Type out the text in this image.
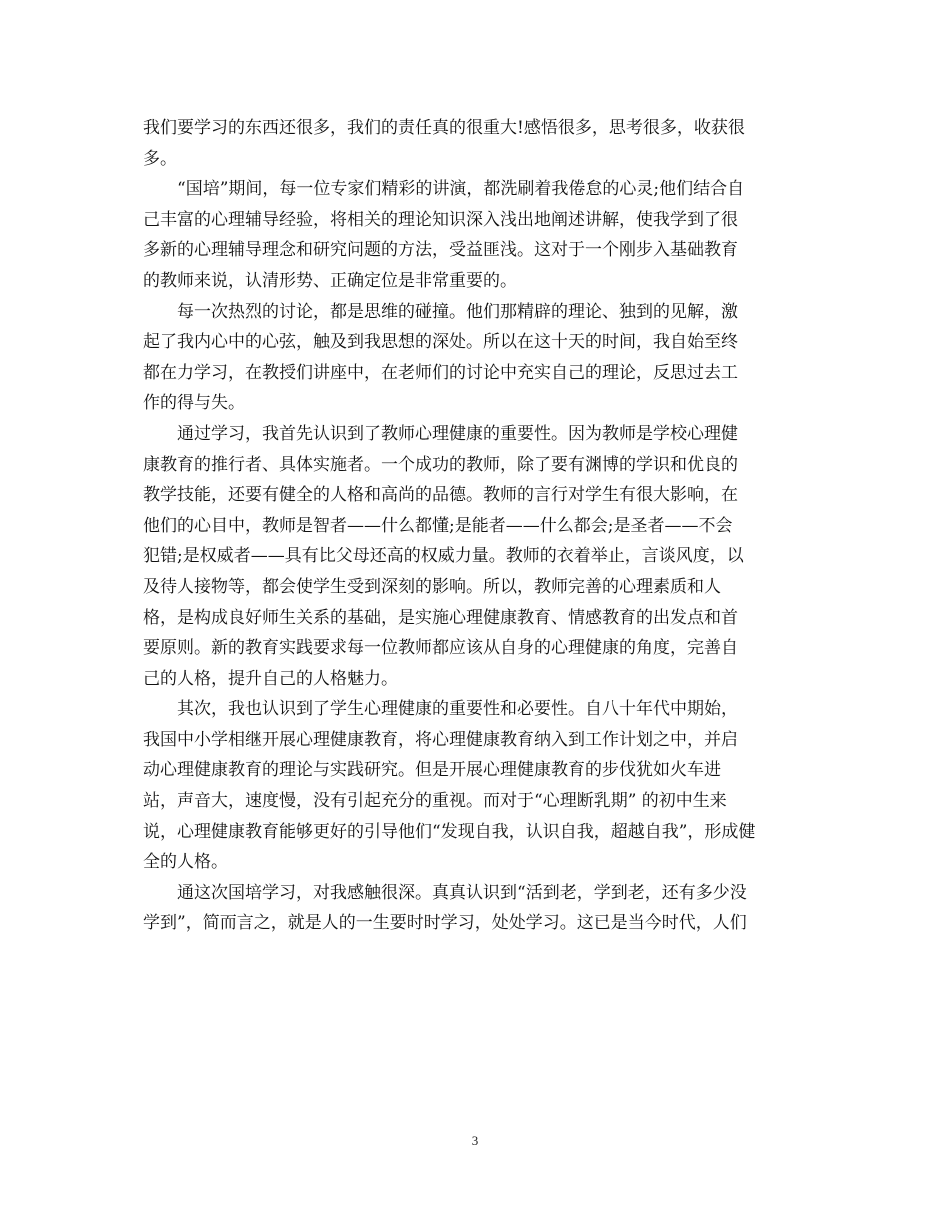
我们要学习的东西还很多，我们的责任真的很重大!感悟很多，思考很多，收获很
多。
“国培”期间，每一位专家们精彩的讲演，都洗刷着我倦怠的心灵;他们结合自
己丰富的心理辅导经验，将相关的理论知识深入浅出地阐述讲解，使我学到了很
多新的心理辅导理念和研究问题的方法，受益匪浅。这对于一个刚步入基础教育
的教师来说，认清形势、正确定位是非常重要的。
每一次热烈的讨论，都是思维的碰撞。他们那精辟的理论、独到的见解，激
起了我内心中的心弦，触及到我思想的深处。所以在这十天的时间，我自始至终
都在力学习，在教授们讲座中，在老师们的讨论中充实自己的理论，反思过去工
作的得与失。
通过学习，我首先认识到了教师心理健康的重要性。因为教师是学校心理健
康教育的推行者、具体实施者。一个成功的教师，除了要有渊博的学识和优良的
教学技能，还要有健全的人格和高尚的品德。教师的言行对学生有很大影响，在
他们的心目中，教师是智者——什么都懂;是能者——什么都会;是圣者——不会
犯错;是权威者——具有比父母还高的权威力量。教师的衣着举止，言谈风度，以
及待人接物等，都会使学生受到深刻的影响。所以，教师完善的心理素质和人
格，是构成良好师生关系的基础，是实施心理健康教育、情感教育的出发点和首
要原则。新的教育实践要求每一位教师都应该从自身的心理健康的角度，完善自
己的人格，提升自己的人格魅力。
其次，我也认识到了学生心理健康的重要性和必要性。自八十年代中期始，
我国中小学相继开展心理健康教育，将心理健康教育纳入到工作计划之中，并启
动心理健康教育的理论与实践研究。但是开展心理健康教育的步伐犹如火车进
站，声音大，速度慢，没有引起充分的重视。而对于“心理断乳期” 的初中生来
说，心理健康教育能够更好的引导他们“发现自我，认识自我，超越自我”，形成健
全的人格。
通这次国培学习，对我感触很深。真真认识到“活到老，学到老，还有多少没
学到”，简而言之，就是人的一生要时时学习，处处学习。这已是当今时代，人们
3
